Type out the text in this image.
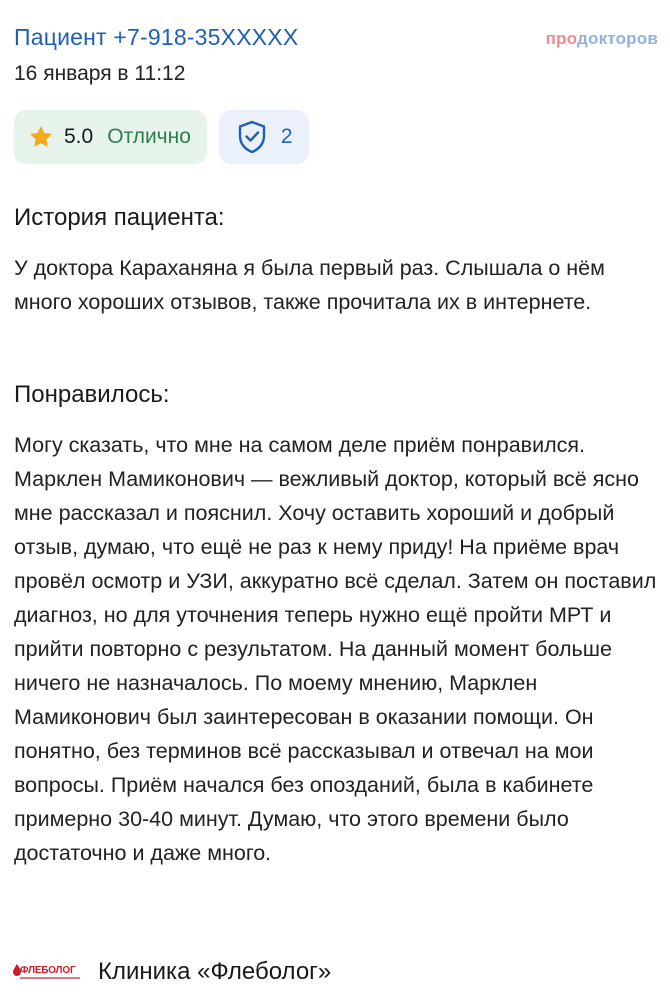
Пациент +7-918-35XXXXX
16 января в 11:12
продокторов
5.0 Отлично	2
История пациента:

У доктора Караханяна я была первый раз. Слышала о нём много хороших отзывов, также прочитала их в интернете.

Понравилось:

Могу сказать, что мне на самом деле приём понравился. Марклен Мамиконович — вежливый доктор, который всё ясно мне рассказал и пояснил. Хочу оставить хороший и добрый отзыв, думаю, что ещё не раз к нему приду! На приёме врач провёл осмотр и УЗИ, аккуратно всё сделал. Затем он поставил диагноз, но для уточнения теперь нужно ещё пройти МРТ и прийти повторно с результатом. На данный момент больше ничего не назначалось. По моему мнению, Марклен Мамиконович был заинтересован в оказании помощи. Он понятно, без терминов всё рассказывал и отвечал на мои вопросы. Приём начался без опозданий, была в кабинете примерно 30-40 минут. Думаю, что этого времени было достаточно и даже много.

ФЛЕБОЛОГ Клиника «Флеболог»
